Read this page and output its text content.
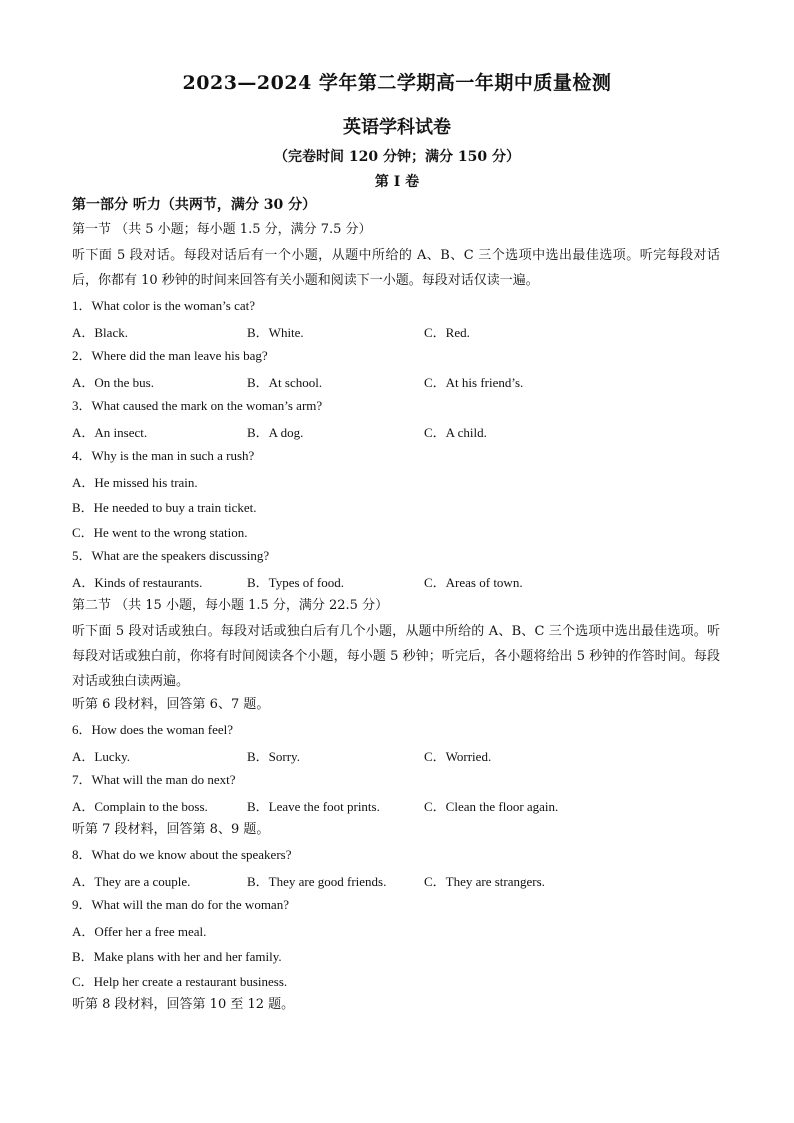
2023—2024 学年第二学期高一年期中质量检测
英语学科试卷
（完卷时间 120 分钟；满分 150 分）
第 I 卷
第一部分 听力（共两节，满分 30 分）
第一节 （共 5 小题；每小题 1.5 分，满分 7.5 分）
听下面 5 段对话。每段对话后有一个小题，从题中所给的 A、B、C 三个选项中选出最佳选项。听完每段对话后，你都有 10 秒钟的时间来回答有关小题和阅读下一小题。每段对话仅读一遍。
1．What color is the woman’s cat?
A．Black.	B．White.	C．Red.
2．Where did the man leave his bag?
A．On the bus.	B．At school.	C．At his friend’s.
3．What caused the mark on the woman’s arm?
A．An insect.	B．A dog.	C．A child.
4．Why is the man in such a rush?
A．He missed his train.
B．He needed to buy a train ticket.
C．He went to the wrong station.
5．What are the speakers discussing?
A．Kinds of restaurants.	B．Types of food.	C．Areas of town.
第二节 （共 15 小题，每小题 1.5 分，满分 22.5 分）
听下面 5 段对话或独白。每段对话或独白后有几个小题，从题中所给的 A、B、C 三个选项中选出最佳选项。听每段对话或独白前，你将有时间阅读各个小题，每小题 5 秒钟；听完后，各小题将给出 5 秒钟的作答时间。每段对话或独白读两遍。
听第 6 段材料，回答第 6、7 题。
6．How does the woman feel?
A．Lucky.	B．Sorry.	C．Worried.
7．What will the man do next?
A．Complain to the boss.	B．Leave the foot prints.	C．Clean the floor again.
听第 7 段材料，回答第 8、9 题。
8．What do we know about the speakers?
A．They are a couple.	B．They are good friends.	C．They are strangers.
9．What will the man do for the woman?
A．Offer her a free meal.
B．Make plans with her and her family.
C．Help her create a restaurant business.
听第 8 段材料，回答第 10 至 12 题。
